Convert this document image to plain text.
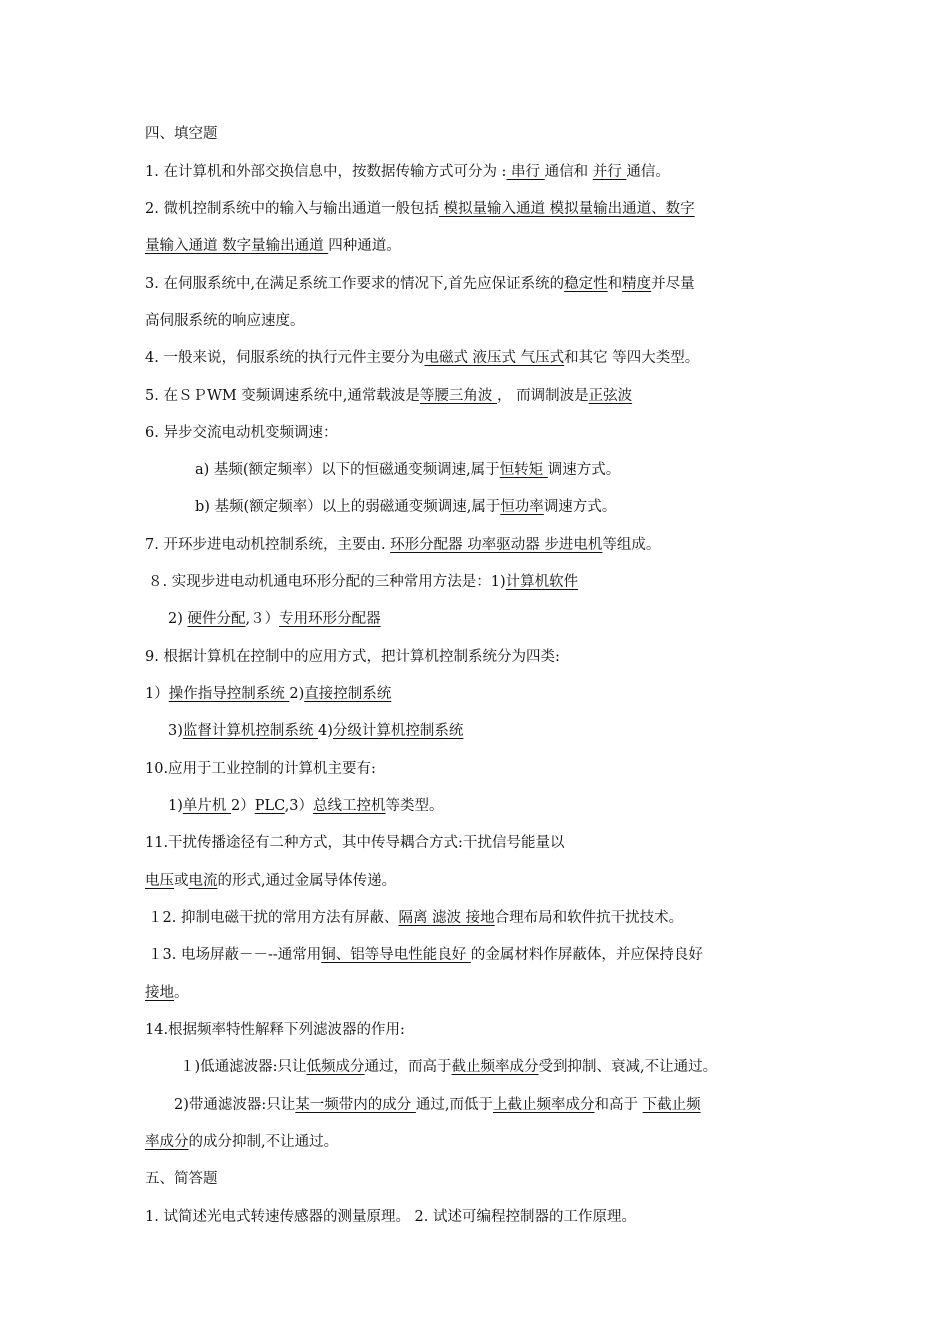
四、填空题
1. 在计算机和外部交换信息中，按数据传输方式可分为 : 串行 通信和 并行 通信。
2. 微机控制系统中的输入与输出通道一般包括 模拟量输入通道 模拟量输出通道、数字
量输入通道 数字量输出通道 四种通道。
3. 在伺服系统中,在满足系统工作要求的情况下,首先应保证系统的稳定性和精度并尽量
高伺服系统的响应速度。
4. 一般来说，伺服系统的执行元件主要分为电磁式 液压式 气压式和其它 等四大类型。
5. 在ＳＰWM 变频调速系统中,通常载波是等腰三角波 ， 而调制波是正弦波
6. 异步交流电动机变频调速：
a) 基频(额定频率）以下的恒磁通变频调速,属于恒转矩 调速方式。
b) 基频(额定频率）以上的弱磁通变频调速,属于恒功率调速方式。
7. 开环步进电动机控制系统，主要由. 环形分配器 功率驱动器 步进电机等组成。
８. 实现步进电动机通电环形分配的三种常用方法是：1)计算机软件
2) 硬件分配,３）专用环形分配器
9. 根据计算机在控制中的应用方式，把计算机控制系统分为四类:
1）操作指导控制系统 2)直接控制系统
3)监督计算机控制系统 4)分级计算机控制系统
10.应用于工业控制的计算机主要有:
1)单片机 2）PLC,3）总线工控机等类型。
11.干扰传播途径有二种方式，其中传导耦合方式:干扰信号能量以
电压或电流的形式,通过金属导体传递。
１2. 抑制电磁干扰的常用方法有屏蔽、隔离 滤波 接地合理布局和软件抗干扰技术。
１3. 电场屏蔽－－--通常用铜、铝等导电性能良好 的金属材料作屏蔽体，并应保持良好
接地。
14.根据频率特性解释下列滤波器的作用:
１)低通滤波器:只让低频成分通过，而高于截止频率成分受到抑制、衰减,不让通过。
2)带通滤波器:只让某一频带内的成分 通过,而低于上截止频率成分和高于 下截止频
率成分的成分抑制,不让通过。
五、简答题
1. 试简述光电式转速传感器的测量原理。 2. 试述可编程控制器的工作原理。
